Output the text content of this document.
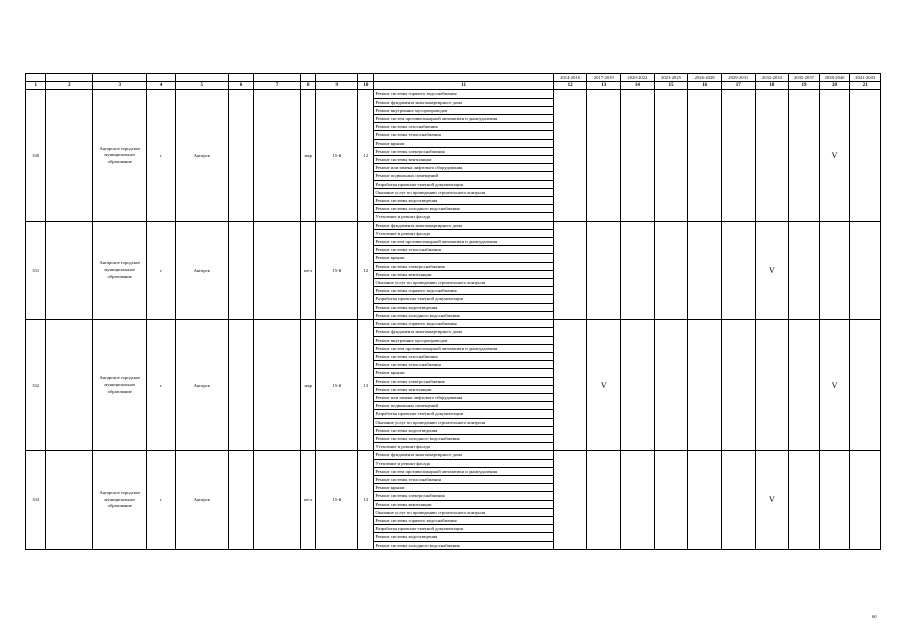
											2014-2016	2017-2019	2020-2022	2023-2025	2026-2028	2029-2031	2032-2034	2035-2037	2038-2040	2041-2043
1	2	3	4	5	6	7	8	9	10	11	12	13	14	15	16	17	18	19	20	21
330		Ангарское городское муниципальное образование	г.	Ангарск			мкр	15-й	12	Ремонт системы горячего водоснабжения									V	
										Ремонт фундамента многоквартирного дома										
										Ремонт внутренних мусоропроводов										
										Ремонт систем противопожарной автоматики и дымоудаления										
										Ремонт системы газоснабжения										
										Ремонт системы теплоснабжения										
										Ремонт крыши										
										Ремонт системы электроснабжения										
										Ремонт системы вентиляции										
										Ремонт или замена лифтового оборудования										
										Ремонт подвальных помещений										
										Разработка проектно-сметной документации										
										Оказание услуг по проведению строительного контроля										
										Ремонт системы водоотведения										
										Ремонт системы холодного водоснабжения										
										Утепление и ремонт фасада										
331		Ангарское городское муниципальное образование	г.	Ангарск			кв-л	15-й	12	Ремонт фундамента многоквартирного дома							V			
										Утепление и ремонт фасада										
										Ремонт систем противопожарной автоматики и дымоудаления										
										Ремонт системы теплоснабжения										
										Ремонт крыши										
										Ремонт системы электроснабжения										
										Ремонт системы вентиляции										
										Оказание услуг по проведению строительного контроля										
										Ремонт системы горячего водоснабжения										
										Разработка проектно-сметной документации										
										Ремонт системы водоотведения										
										Ремонт системы холодного водоснабжения										
332		Ангарское городское муниципальное образование	г.	Ангарск			мкр	15-й	13	Ремонт системы горячего водоснабжения		V							V	
										Ремонт фундамента многоквартирного дома										
										Ремонт внутренних мусоропроводов										
										Ремонт систем противопожарной автоматики и дымоудаления										
										Ремонт системы газоснабжения										
										Ремонт системы теплоснабжения										
										Ремонт крыши										
										Ремонт системы электроснабжения										
										Ремонт системы вентиляции										
										Ремонт или замена лифтового оборудования										
										Ремонт подвальных помещений										
										Разработка проектно-сметной документации										
										Оказание услуг по проведению строительного контроля										
										Ремонт системы водоотведения										
										Ремонт системы холодного водоснабжения										
										Утепление и ремонт фасада										
333		Ангарское городское муниципальное образование	г.	Ангарск			кв-л	15-й	13	Ремонт фундамента многоквартирного дома							V			
										Утепление и ремонт фасада										
										Ремонт систем противопожарной автоматики и дымоудаления										
										Ремонт системы теплоснабжения										
										Ремонт крыши										
										Ремонт системы электроснабжения										
										Ремонт системы вентиляции										
										Оказание услуг по проведению строительного контроля										
										Ремонт системы горячего водоснабжения										
										Разработка проектно-сметной документации										
										Ремонт системы водоотведения										
										Ремонт системы холодного водоснабжения										
60
